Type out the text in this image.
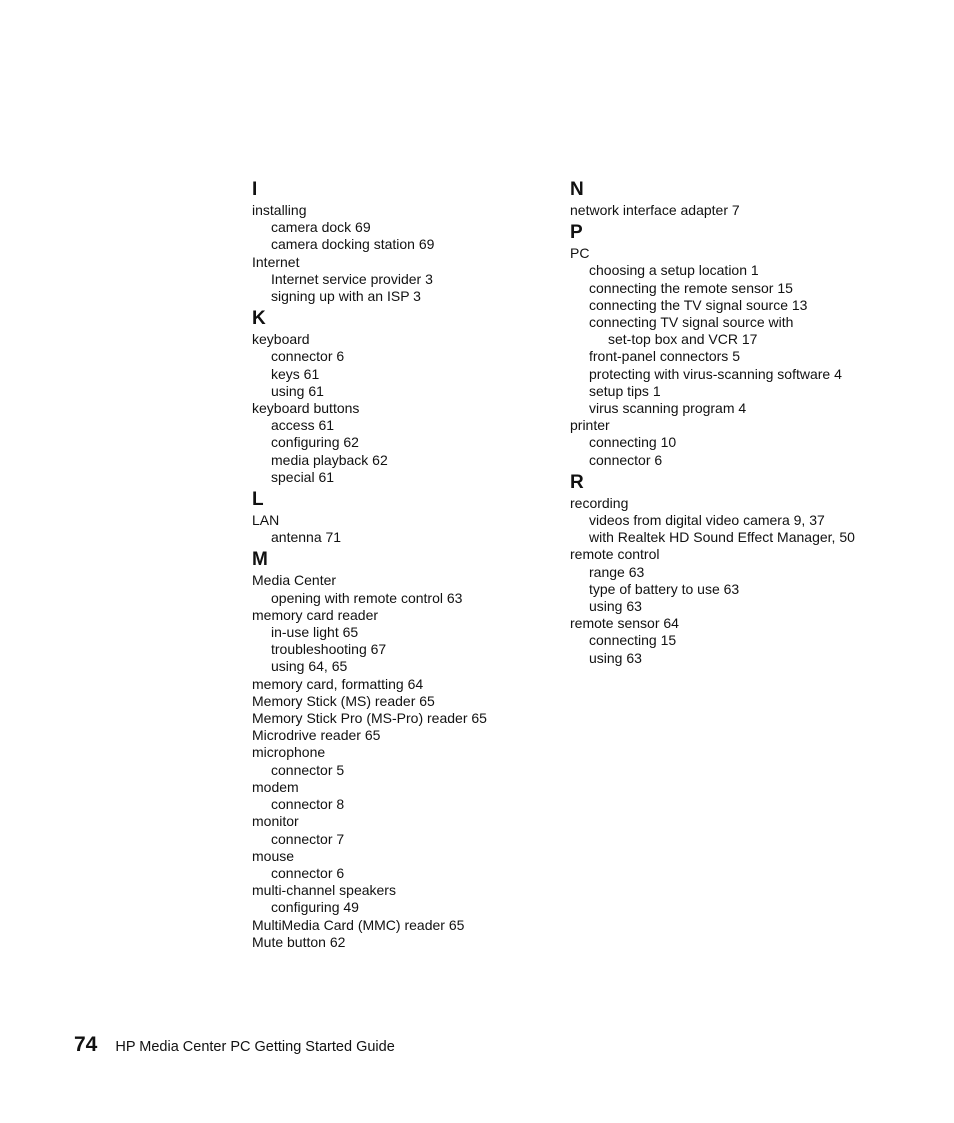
I
installing
camera dock 69
camera docking station 69
Internet
Internet service provider 3
signing up with an ISP 3
K
keyboard
connector 6
keys 61
using 61
keyboard buttons
access 61
configuring 62
media playback 62
special 61
L
LAN
antenna 71
M
Media Center
opening with remote control 63
memory card reader
in-use light 65
troubleshooting 67
using 64, 65
memory card, formatting 64
Memory Stick (MS) reader 65
Memory Stick Pro (MS-Pro) reader 65
Microdrive reader 65
microphone
connector 5
modem
connector 8
monitor
connector 7
mouse
connector 6
multi-channel speakers
configuring 49
MultiMedia Card (MMC) reader 65
Mute button 62
N
network interface adapter 7
P
PC
choosing a setup location 1
connecting the remote sensor 15
connecting the TV signal source 13
connecting TV signal source with
set-top box and VCR 17
front-panel connectors 5
protecting with virus-scanning software 4
setup tips 1
virus scanning program 4
printer
connecting 10
connector 6
R
recording
videos from digital video camera 9, 37
with Realtek HD Sound Effect Manager, 50
remote control
range 63
type of battery to use 63
using 63
remote sensor 64
connecting 15
using 63
74 HP Media Center PC Getting Started Guide
